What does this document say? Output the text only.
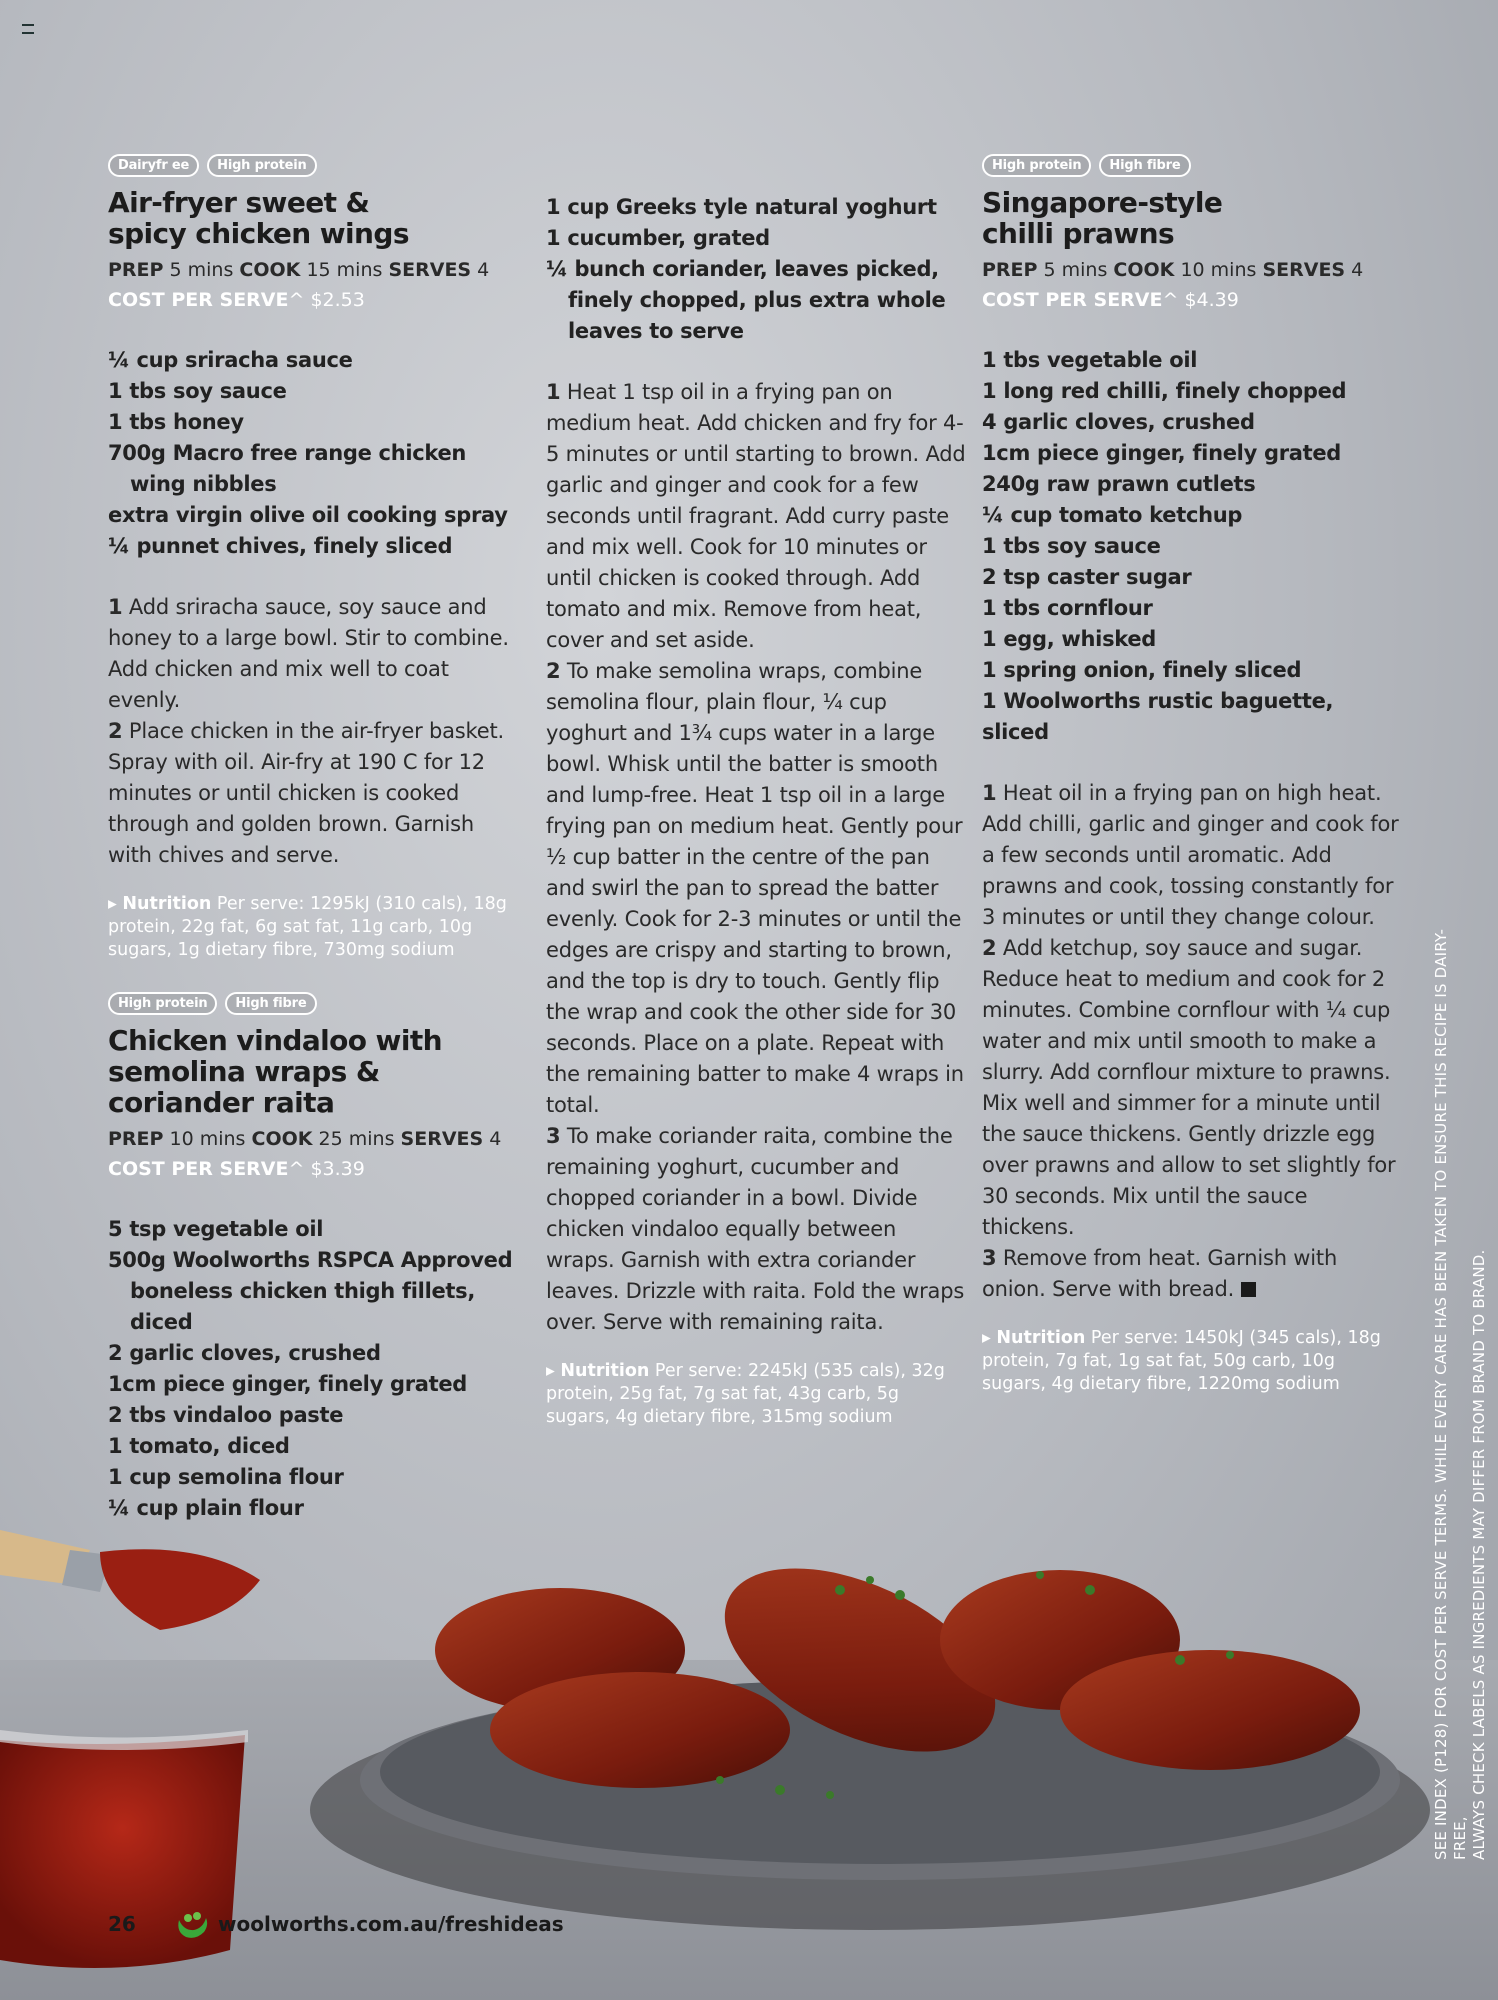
Dairyfr ee	High protein
Air-fryer sweet &
spicy chicken wings
PREP 5 mins COOK 15 mins SERVES 4
COST PER SERVE^ $2.53
¼ cup sriracha sauce
1 tbs soy sauce
1 tbs honey
700g Macro free range chicken
wing nibbles
extra virgin olive oil cooking spray
¼ punnet chives, finely sliced

1 Add sriracha sauce, soy sauce and honey to a large bowl. Stir to combine. Add chicken and mix well to coat evenly.

2 Place chicken in the air-fryer basket. Spray with oil. Air-fry at 190 C for 12 minutes or until chicken is cooked through and golden brown. Garnish with chives and serve.

▸ Nutrition Per serve: 1295kJ (310 cals), 18g protein, 22g fat, 6g sat fat, 11g carb, 10g sugars, 1g dietary fibre, 730mg sodium
High protein	High fibre
Chicken vindaloo with
semolina wraps &
coriander raita
PREP 10 mins COOK 25 mins SERVES 4
COST PER SERVE^ $3.39
5 tsp vegetable oil
500g Woolworths RSPCA Approved
boneless chicken thigh fillets, diced
2 garlic cloves, crushed
1cm piece ginger, finely grated
2 tbs vindaloo paste
1 tomato, diced
1 cup semolina flour
¼ cup plain flour
1 cup Greeks tyle natural yoghurt
1 cucumber, grated
¼ bunch coriander, leaves picked,
finely chopped, plus extra whole
leaves to serve

1 Heat 1 tsp oil in a frying pan on medium heat. Add chicken and fry for 4-5 minutes or until starting to brown. Add garlic and ginger and cook for a few seconds until fragrant. Add curry paste and mix well. Cook for 10 minutes or until chicken is cooked through. Add tomato and mix. Remove from heat, cover and set aside.

2 To make semolina wraps, combine semolina flour, plain flour, ¼ cup yoghurt and 1¾ cups water in a large bowl. Whisk until the batter is smooth and lump-free. Heat 1 tsp oil in a large frying pan on medium heat. Gently pour ½ cup batter in the centre of the pan and swirl the pan to spread the batter evenly. Cook for 2-3 minutes or until the edges are crispy and starting to brown, and the top is dry to touch. Gently flip the wrap and cook the other side for 30 seconds. Place on a plate. Repeat with the remaining batter to make 4 wraps in total.

3 To make coriander raita, combine the remaining yoghurt, cucumber and chopped coriander in a bowl. Divide chicken vindaloo equally between wraps. Garnish with extra coriander leaves. Drizzle with raita. Fold the wraps over. Serve with remaining raita.

▸ Nutrition Per serve: 2245kJ (535 cals), 32g protein, 25g fat, 7g sat fat, 43g carb, 5g sugars, 4g dietary fibre, 315mg sodium
High protein	High fibre
Singapore-style
chilli prawns
PREP 5 mins COOK 10 mins SERVES 4
COST PER SERVE^ $4.39
1 tbs vegetable oil
1 long red chilli, finely chopped
4 garlic cloves, crushed
1cm piece ginger, finely grated
240g raw prawn cutlets
¼ cup tomato ketchup
1 tbs soy sauce
2 tsp caster sugar
1 tbs cornflour
1 egg, whisked
1 spring onion, finely sliced
1 Woolworths rustic baguette, sliced

1 Heat oil in a frying pan on high heat. Add chilli, garlic and ginger and cook for a few seconds until aromatic. Add prawns and cook, tossing constantly for 3 minutes or until they change colour.

2 Add ketchup, soy sauce and sugar. Reduce heat to medium and cook for 2 minutes. Combine cornflour with ¼ cup water and mix until smooth to make a slurry. Add cornflour mixture to prawns. Mix well and simmer for a minute until the sauce thickens. Gently drizzle egg over prawns and allow to set slightly for 30 seconds. Mix until the sauce thickens.

3 Remove from heat. Garnish with onion. Serve with bread.

▸ Nutrition Per serve: 1450kJ (345 cals), 18g protein, 7g fat, 1g sat fat, 50g carb, 10g sugars, 4g dietary fibre, 1220mg sodium
26	woolworths.com.au/freshideas
SEE INDEX (P128) FOR COST PER SERVE TERMS. WHILE EVERY CARE HAS BEEN TAKEN TO ENSURE THIS RECIPE IS DAIRY-FREE, ALWAYS CHECK LABELS AS INGREDIENTS MAY DIFFER FROM BRAND TO BRAND.
